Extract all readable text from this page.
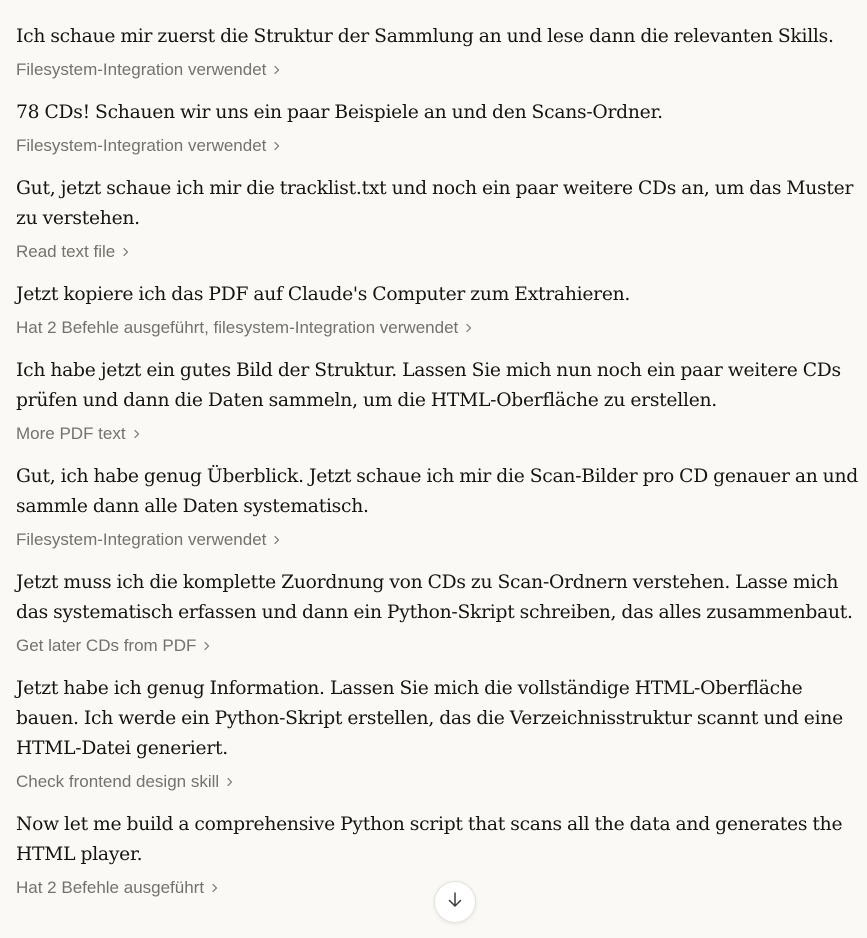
Ich schaue mir zuerst die Struktur der Sammlung an und lese dann die relevanten Skills.
Filesystem-Integration verwendet
78 CDs! Schauen wir uns ein paar Beispiele an und den Scans-Ordner.
Filesystem-Integration verwendet
Gut, jetzt schaue ich mir die tracklist.txt und noch ein paar weitere CDs an, um das Muster zu verstehen.
Read text file
Jetzt kopiere ich das PDF auf Claude's Computer zum Extrahieren.
Hat 2 Befehle ausgeführt, filesystem-Integration verwendet
Ich habe jetzt ein gutes Bild der Struktur. Lassen Sie mich nun noch ein paar weitere CDs prüfen und dann die Daten sammeln, um die HTML-Oberfläche zu erstellen.
More PDF text
Gut, ich habe genug Überblick. Jetzt schaue ich mir die Scan-Bilder pro CD genauer an und sammle dann alle Daten systematisch.
Filesystem-Integration verwendet
Jetzt muss ich die komplette Zuordnung von CDs zu Scan-Ordnern verstehen. Lasse mich das systematisch erfassen und dann ein Python-Skript schreiben, das alles zusammenbaut.
Get later CDs from PDF
Jetzt habe ich genug Information. Lassen Sie mich die vollständige HTML-Oberfläche bauen. Ich werde ein Python-Skript erstellen, das die Verzeichnisstruktur scannt und eine HTML-Datei generiert.
Check frontend design skill
Now let me build a comprehensive Python script that scans all the data and generates the HTML player.
Hat 2 Befehle ausgeführt
